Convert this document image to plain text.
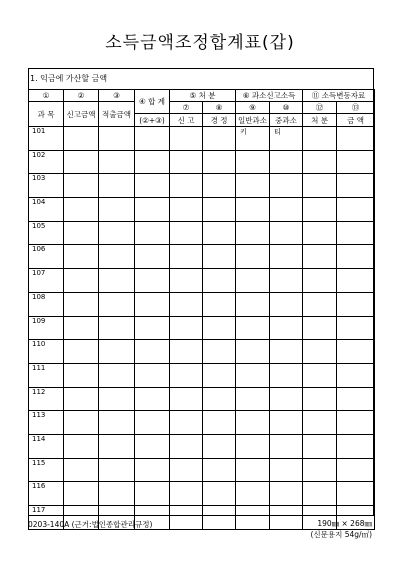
소득금액조정합계표(갑)
1. 익금에 가산할 금액
①	②	③	④ 합 계	⑤ 처 분		⑥ 과소신고소득		⑪ 소득변동자료	
과 목	신고금액	적출금액		⑦	⑧	⑨	⑩	⑫	⑬
			(②+③)	신 고	경 정	일반과소	중과소	처 분	금 액
101						키	티		

102									
103									
104									
105									
106									
107									
108									
109									
110									
111									
112									
113									
114									
115									
116									
117									
0203-140A (근거:법인종합관리규정)	190㎜ × 268㎜
(신문용지 54g/㎡)
